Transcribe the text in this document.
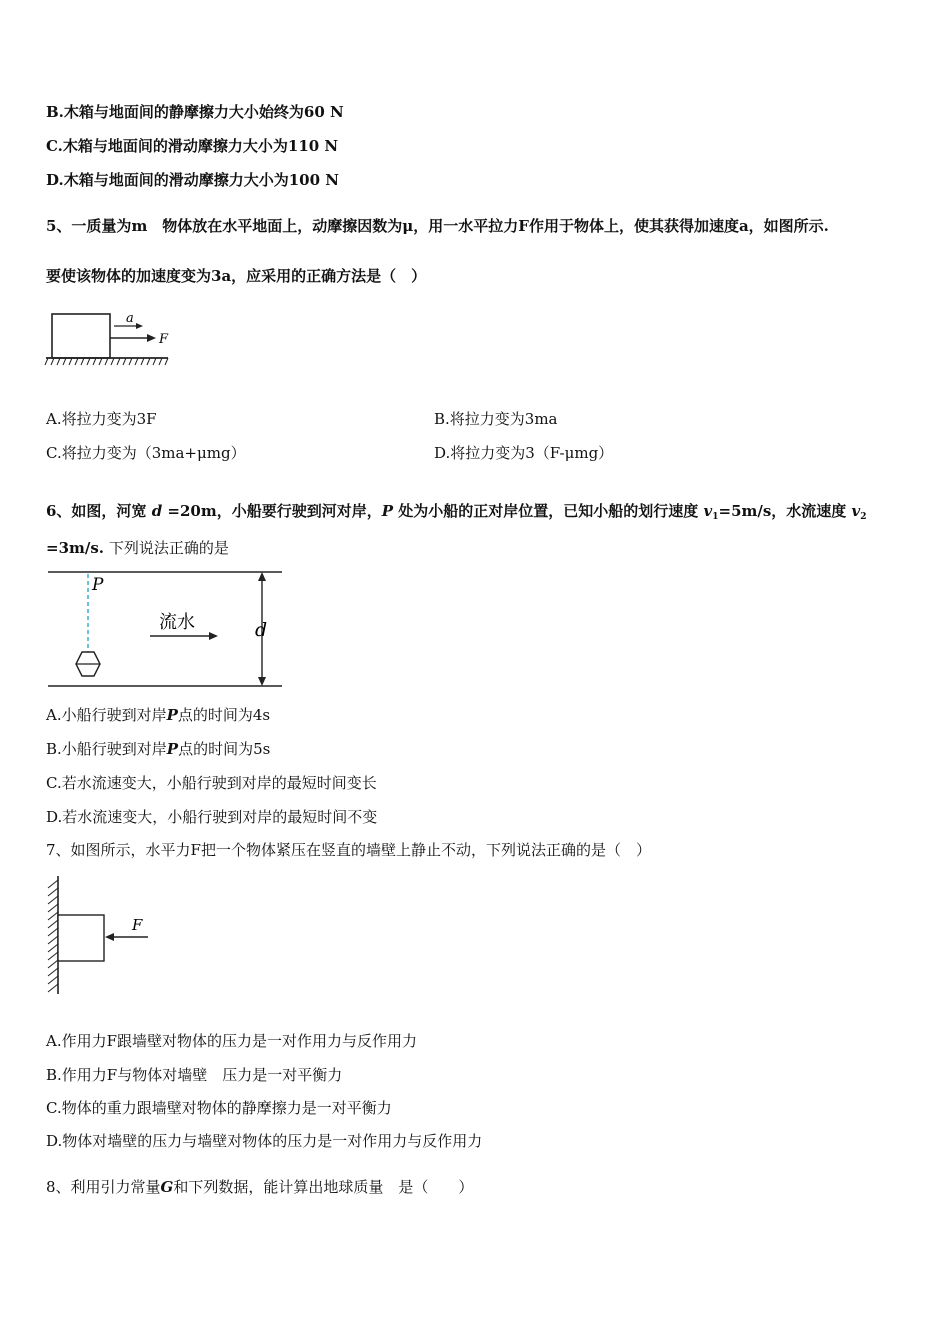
B.木箱与地面间的静摩擦力大小始终为60 N
C.木箱与地面间的滑动摩擦力大小为110 N
D.木箱与地面间的滑动摩擦力大小为100 N
5、一质量为m　物体放在水平地面上，动摩擦因数为μ，用一水平拉力F作用于物体上，使其获得加速度a，如图所示.
要使该物体的加速度变为3a，应采用的正确方法是（　）
a
F
A.将拉力变为3F	B.将拉力变为3ma
C.将拉力变为（3ma+μmg）	D.将拉力变为3（F-μmg）
6、如图，河宽 d =20m，小船要行驶到河对岸，P 处为小船的正对岸位置，已知小船的划行速度 $v_1=5m/s$，水流速度 $v_2$
=3m/s. 下列说法正确的是
P
流水	d
A.小船行驶到对岸P点的时间为4s
B.小船行驶到对岸P点的时间为5s
C.若水流速变大，小船行驶到对岸的最短时间变长
D.若水流速变大，小船行驶到对岸的最短时间不变
7、如图所示，水平力F把一个物体紧压在竖直的墙壁上静止不动，下列说法正确的是（　）
F
A.作用力F跟墙壁对物体的压力是一对作用力与反作用力
B.作用力F与物体对墙壁　压力是一对平衡力
C.物体的重力跟墙壁对物体的静摩擦力是一对平衡力
D.物体对墙壁的压力与墙壁对物体的压力是一对作用力与反作用力
8、利用引力常量G和下列数据，能计算出地球质量　是（　　）
